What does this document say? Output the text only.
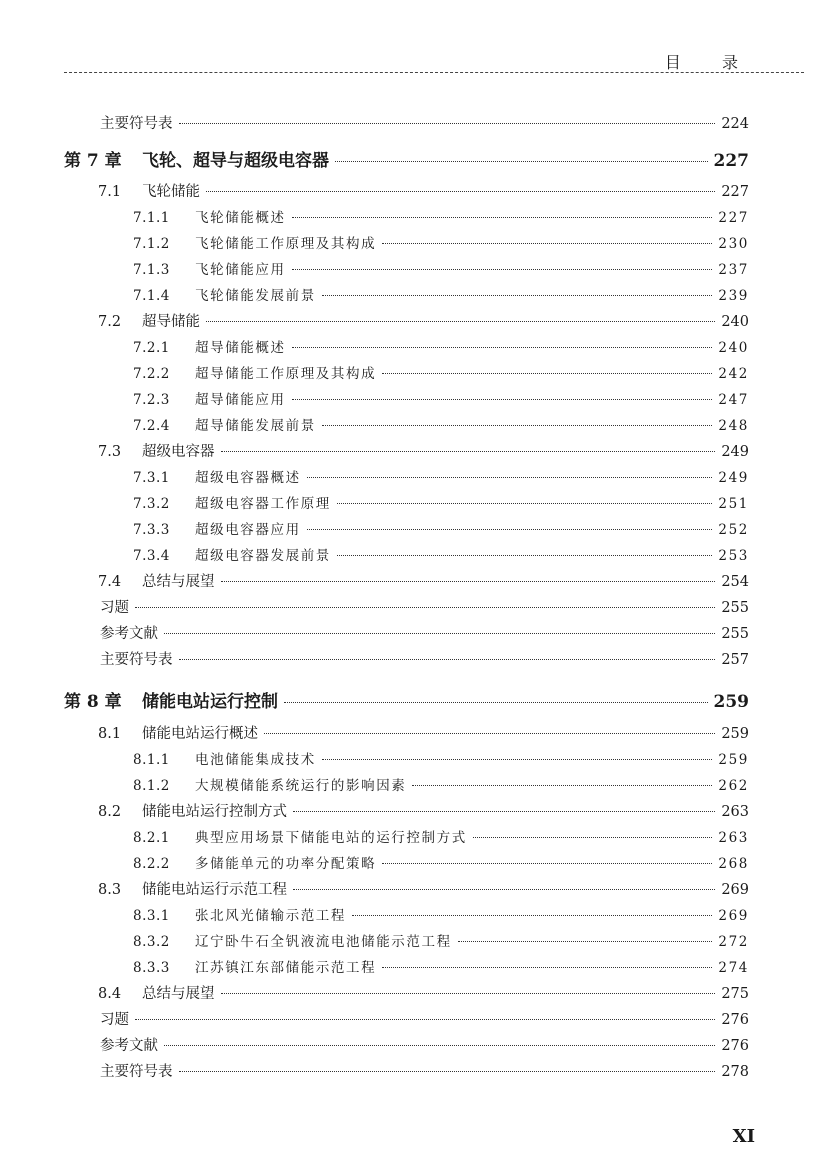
目 录
主要符号表	224
第 7 章	飞轮、超导与超级电容器	227
7.1	飞轮储能	227
7.1.1	飞轮储能概述	227
7.1.2	飞轮储能工作原理及其构成	230
7.1.3	飞轮储能应用	237
7.1.4	飞轮储能发展前景	239
7.2	超导储能	240
7.2.1	超导储能概述	240
7.2.2	超导储能工作原理及其构成	242
7.2.3	超导储能应用	247
7.2.4	超导储能发展前景	248
7.3	超级电容器	249
7.3.1	超级电容器概述	249
7.3.2	超级电容器工作原理	251
7.3.3	超级电容器应用	252
7.3.4	超级电容器发展前景	253
7.4	总结与展望	254
习题	255
参考文献	255
主要符号表	257
第 8 章	储能电站运行控制	259
8.1	储能电站运行概述	259
8.1.1	电池储能集成技术	259
8.1.2	大规模储能系统运行的影响因素	262
8.2	储能电站运行控制方式	263
8.2.1	典型应用场景下储能电站的运行控制方式	263
8.2.2	多储能单元的功率分配策略	268
8.3	储能电站运行示范工程	269
8.3.1	张北风光储输示范工程	269
8.3.2	辽宁卧牛石全钒液流电池储能示范工程	272
8.3.3	江苏镇江东部储能示范工程	274
8.4	总结与展望	275
习题	276
参考文献	276
主要符号表	278
XI
